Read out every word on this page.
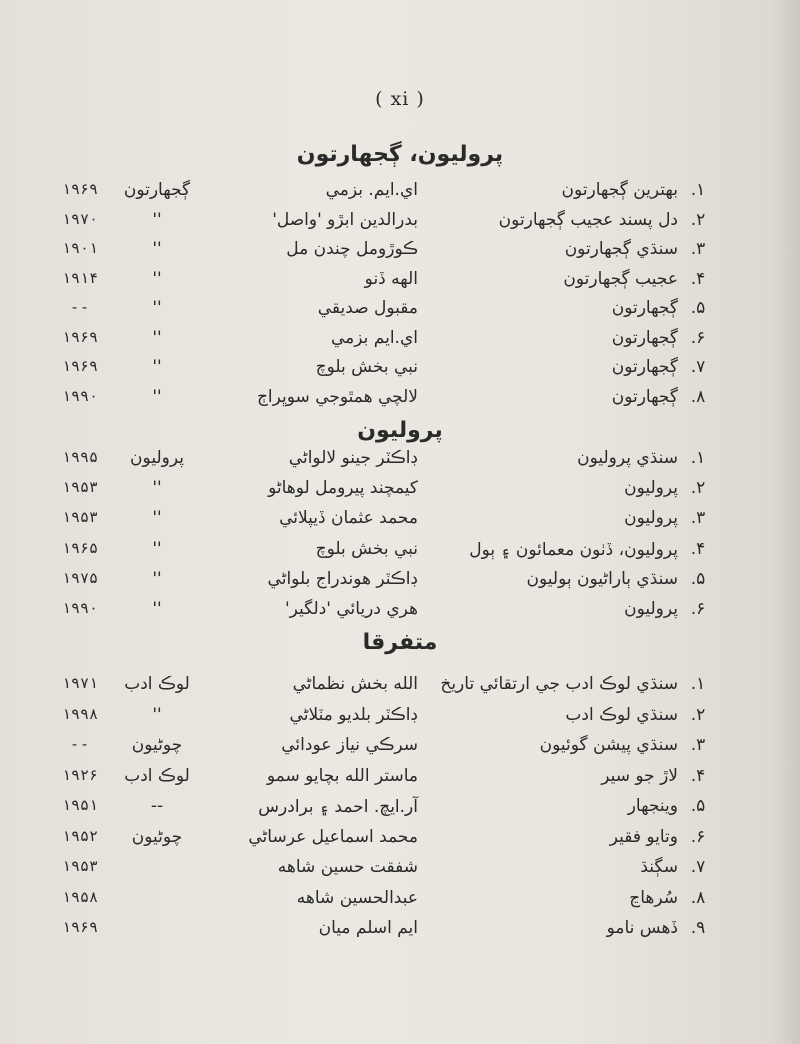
( xi )
پروليون، ڳجهارتون
۱.
بهترين ڳجهارتون
اي.ايم. بزمي
ڳجهارتون
۱۹۶۹
۲.
دل پسند عجيب ڳجهارتون
بدرالدين ابڙو 'واصل'
''
۱۹۷۰
۳.
سنڌي ڳجهارتون
ڪوڙومل چندن مل
''
۱۹۰۱
۴.
عجيب ڳجهارتون
الهه ڏنو
''
۱۹۱۴
۵.
ڳجهارتون
مقبول صديقي
''
--
۶.
ڳجهارتون
اي.ايم بزمي
''
۱۹۶۹
۷.
ڳجهارتون
نبي بخش بلوچ
''
۱۹۶۹
۸.
ڳجهارتون
لالچي همٿوجي سوڀراڄ
''
۱۹۹۰
پروليون
۱.
سنڌي پروليون
ڊاڪٽر جينو لالواڻي
پروليون
۱۹۹۵
۲.
پروليون
کيمچند پيرومل لوهاڻو
''
۱۹۵۳
۳.
پروليون
محمد عثمان ڏيپلائي
''
۱۹۵۳
۴.
پروليون، ڏٺون معمائون ۽ ٻول
نبي بخش بلوچ
''
۱۹۶۵
۵.
سنڌي ٻاراڻيون ٻوليون
ڊاڪٽر هوندراج بلواڻي
''
۱۹۷۵
۶.
پروليون
هري دريائي 'دلگير'
''
۱۹۹۰
متفرقا
۱.
سنڌي لوڪ ادب جي ارتقائي تاريخ
الله بخش نظماڻي
لوڪ ادب
۱۹۷۱
۲.
سنڌي لوڪ ادب
ڊاڪٽر بلديو مٽلاڻي
''
۱۹۹۸
۳.
سنڌي پيشن گوئيون
سرڪي نياز عودائي
چوڻيون
--
۴.
لاڙ جو سير
ماستر الله بچايو سمو
لوڪ ادب
۱۹۲۶
۵.
وينجهار
آر.ايچ. احمد ۽ برادرس
--
۱۹۵۱
۶.
وتايو فقير
محمد اسماعيل عرساڻي
چوڻيون
۱۹۵۲
۷.
سڳنڌ
شفقت حسين شاهه
۱۹۵۳
۸.
سُرهاڃ
عبدالحسين شاهه
۱۹۵۸
۹.
ڏهس نامو
ايم اسلم ميان
۱۹۶۹
